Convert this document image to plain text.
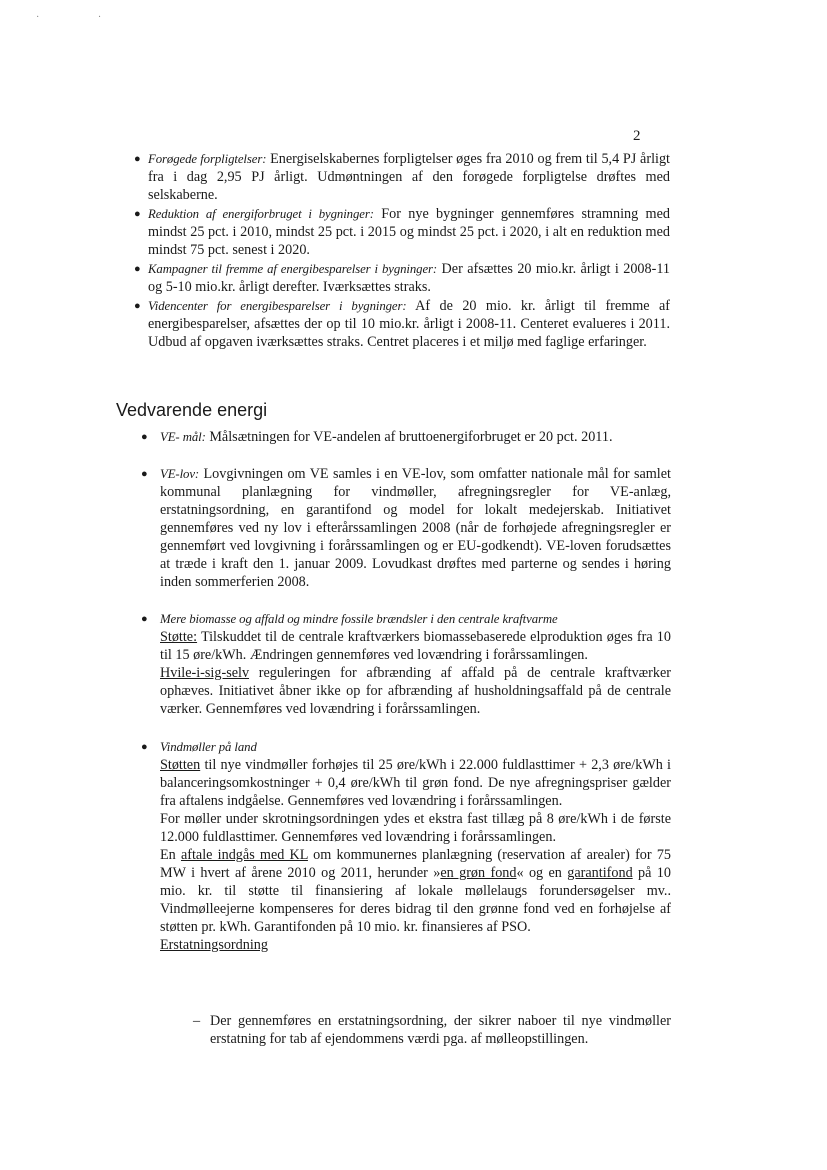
· ·
2
● Forøgede forpligtelser: Energiselskabernes forpligtelser øges fra 2010 og frem til 5,4 PJ årligt fra i dag 2,95 PJ årligt. Udmøntningen af den forøgede forpligtelse drøftes med selskaberne.

● Reduktion af energiforbruget i bygninger: For nye bygninger gennemføres stramning med mindst 25 pct. i 2010, mindst 25 pct. i 2015 og mindst 25 pct. i 2020, i alt en reduktion med mindst 75 pct. senest i 2020.

● Kampagner til fremme af energibesparelser i bygninger: Der afsættes 20 mio.kr. årligt i 2008-11 og 5-10 mio.kr. årligt derefter. Iværksættes straks.

● Videncenter for energibesparelser i bygninger: Af de 20 mio. kr. årligt til fremme af energibesparelser, afsættes der op til 10 mio.kr. årligt i 2008-11. Centeret evalueres i 2011. Udbud af opgaven iværksættes straks. Centret placeres i et miljø med faglige erfaringer.

Vedvarende energi
● VE- mål: Målsætningen for VE-andelen af bruttoenergiforbruget er 20 pct. 2011.

● VE-lov: Lovgivningen om VE samles i en VE-lov, som omfatter nationale mål for samlet kommunal planlægning for vindmøller, afregningsregler for VE-anlæg, erstatningsordning, en garantifond og model for lokalt medejerskab. Initiativet gennemføres ved ny lov i efterårssamlingen 2008 (når de forhøjede afregningsregler er gennemført ved lovgivning i forårssamlingen og er EU-godkendt). VE-loven forudsættes at træde i kraft den 1. januar 2009. Lovudkast drøftes med parterne og sendes i høring inden sommerferien 2008.

● Mere biomasse og affald og mindre fossile brændsler i den centrale kraftvarme

Støtte: Tilskuddet til de centrale kraftværkers biomassebaserede elproduktion øges fra 10 til 15 øre/kWh. Ændringen gennemføres ved lovændring i forårssamlingen.

Hvile-i-sig-selv reguleringen for afbrænding af affald på de centrale kraftværker ophæves. Initiativet åbner ikke op for afbrænding af husholdningsaffald på de centrale værker. Gennemføres ved lovændring i forårssamlingen.

● Vindmøller på land

Støtten til nye vindmøller forhøjes til 25 øre/kWh i 22.000 fuldlasttimer + 2,3 øre/kWh i balanceringsomkostninger + 0,4 øre/kWh til grøn fond. De nye afregningspriser gælder fra aftalens indgåelse. Gennemføres ved lovændring i forårssamlingen.

For møller under skrotningsordningen ydes et ekstra fast tillæg på 8 øre/kWh i de første 12.000 fuldlasttimer. Gennemføres ved lovændring i forårssamlingen.

En aftale indgås med KL om kommunernes planlægning (reservation af arealer) for 75 MW i hvert af årene 2010 og 2011, herunder »en grøn fond« og en garantifond på 10 mio. kr. til støtte til finansiering af lokale møllelaugs forundersøgelser mv.. Vindmølleejerne kompenseres for deres bidrag til den grønne fond ved en forhøjelse af støtten pr. kWh. Garantifonden på 10 mio. kr. finansieres af PSO.

Erstatningsordning

– Der gennemføres en erstatningsordning, der sikrer naboer til nye vindmøller erstatning for tab af ejendommens værdi pga. af mølleopstillingen.
